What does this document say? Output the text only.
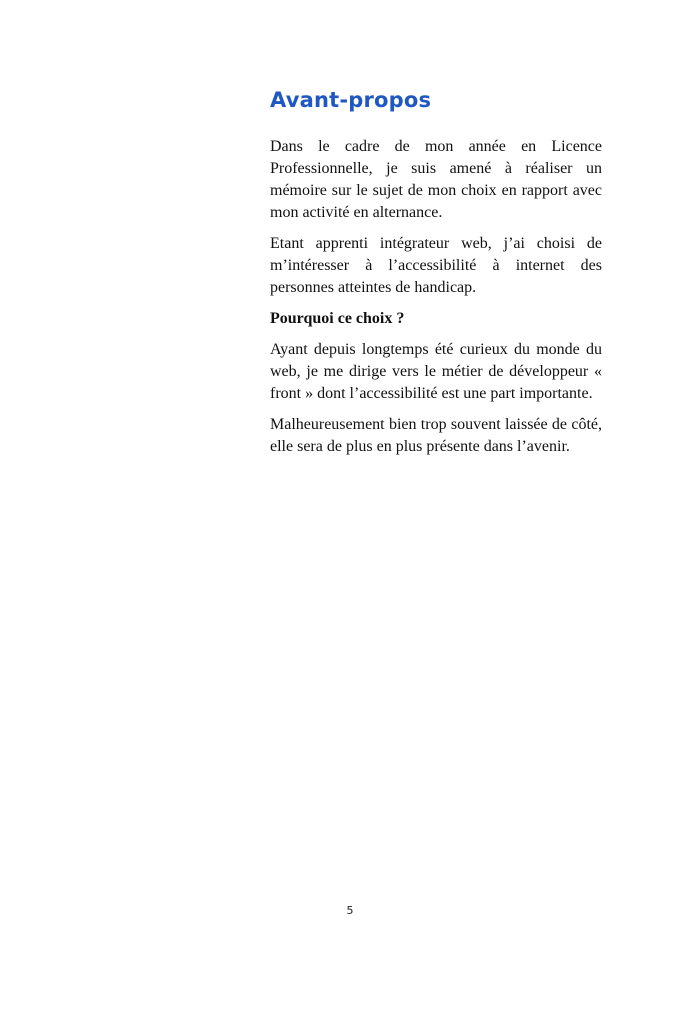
Avant-propos

Dans le cadre de mon année en Licence Professionnelle, je suis amené à réaliser un mémoire sur le sujet de mon choix en rapport avec mon activité en alternance.

Etant apprenti intégrateur web, j’ai choisi de m’intéresser à l’accessibilité à internet des personnes atteintes de handicap.

Pourquoi ce choix ?

Ayant depuis longtemps été curieux du monde du web, je me dirige vers le métier de développeur « front » dont l’accessibilité est une part importante.

Malheureusement bien trop souvent laissée de côté, elle sera de plus en plus présente dans l’avenir.

5
